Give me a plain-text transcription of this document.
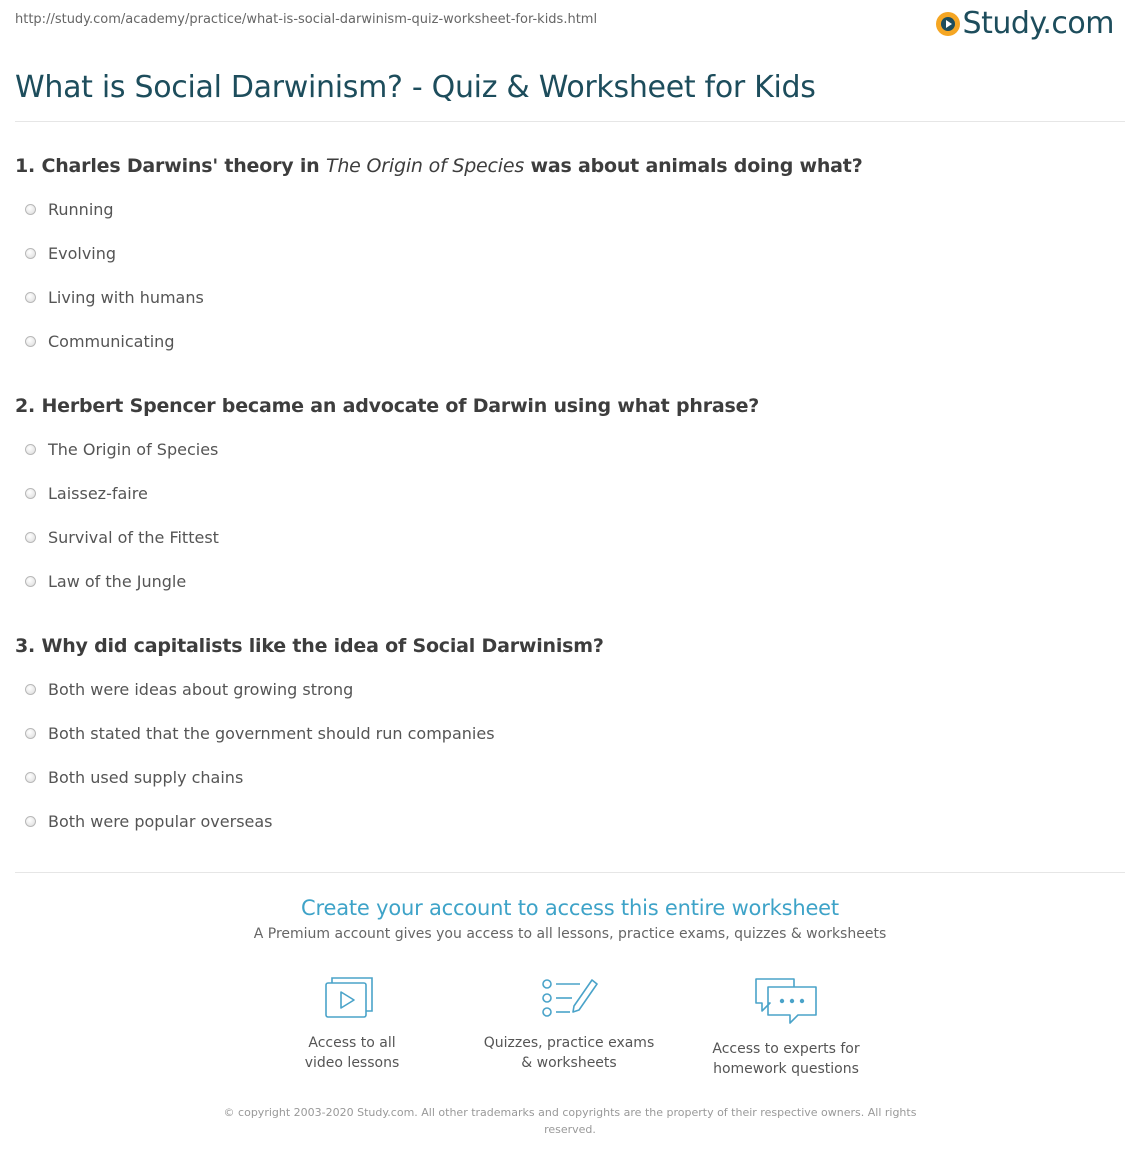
http://study.com/academy/practice/what-is-social-darwinism-quiz-worksheet-for-kids.html	Study.com
What is Social Darwinism? - Quiz & Worksheet for Kids
1. Charles Darwins' theory in The Origin of Species was about animals doing what?
Running
Evolving
Living with humans
Communicating
2. Herbert Spencer became an advocate of Darwin using what phrase?
The Origin of Species
Laissez-faire
Survival of the Fittest
Law of the Jungle
3. Why did capitalists like the idea of Social Darwinism?
Both were ideas about growing strong
Both stated that the government should run companies
Both used supply chains
Both were popular overseas
Create your account to access this entire worksheet
A Premium account gives you access to all lessons, practice exams, quizzes & worksheets
Access to all
video lessons
Quizzes, practice exams
& worksheets
Access to experts for
homework questions
© copyright 2003-2020 Study.com. All other trademarks and copyrights are the property of their respective owners. All rights
reserved.
